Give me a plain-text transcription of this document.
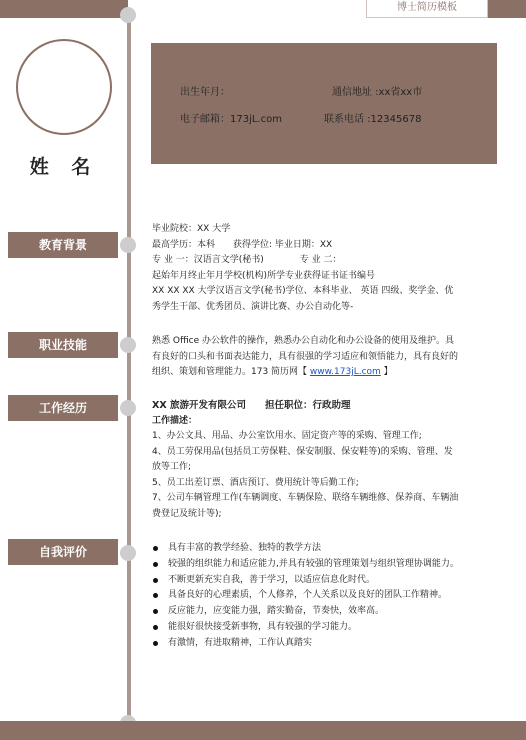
博士简历模板
姓 名
出生年月：	通信地址 :xx省xx市
电子邮箱：173jL.com	联系电话 :12345678
教育背景
毕业院校：XX 大学
最高学历：本科　　获得学位: 毕业日期：XX
专 业 一：汉语言文学(秘书)　　　　专 业 二：
起始年月终止年月学校(机构)所学专业获得证书证书编号
XX XX XX 大学汉语言文学(秘书)学位、本科毕业、 英语 四级、奖学金、优
秀学生干部、优秀团员、演讲比赛、办公自动化等-
职业技能	熟悉 Office 办公软件的操作，熟悉办公自动化和办公设备的使用及维护。具
有良好的口头和书面表达能力，具有很强的学习适应和领悟能力，具有良好的
组织、策划和管理能力。173 简历网【 www.173jL.com 】
工作经历	XX 旅游开发有限公司　　担任职位：行政助理
工作描述：
1、办公文具、用品、办公室饮用水、固定资产等的采购、管理工作;
4、员工劳保用品(包括员工劳保鞋、保安制服、保安鞋等)的采购、管理、发
放等工作;
5、员工出差订票、酒店预订、费用统计等后勤工作;
7、公司车辆管理工作(车辆调度、车辆保险、联络车辆维修、保养商、车辆油
费登记及统计等);
自我评价	具有丰富的教学经验、独特的教学方法
较强的组织能力和适应能力,并具有较强的管理策划与组织管理协调能力。
不断更新充实自我，善于学习，以适应信息化时代。
具备良好的心理素质，个人修养，个人关系以及良好的团队工作精神。
反应能力，应变能力强，踏实勤奋，节奏快，效率高。
能很好很快接受新事物，具有较强的学习能力。
有激情，有进取精神，工作认真踏实
